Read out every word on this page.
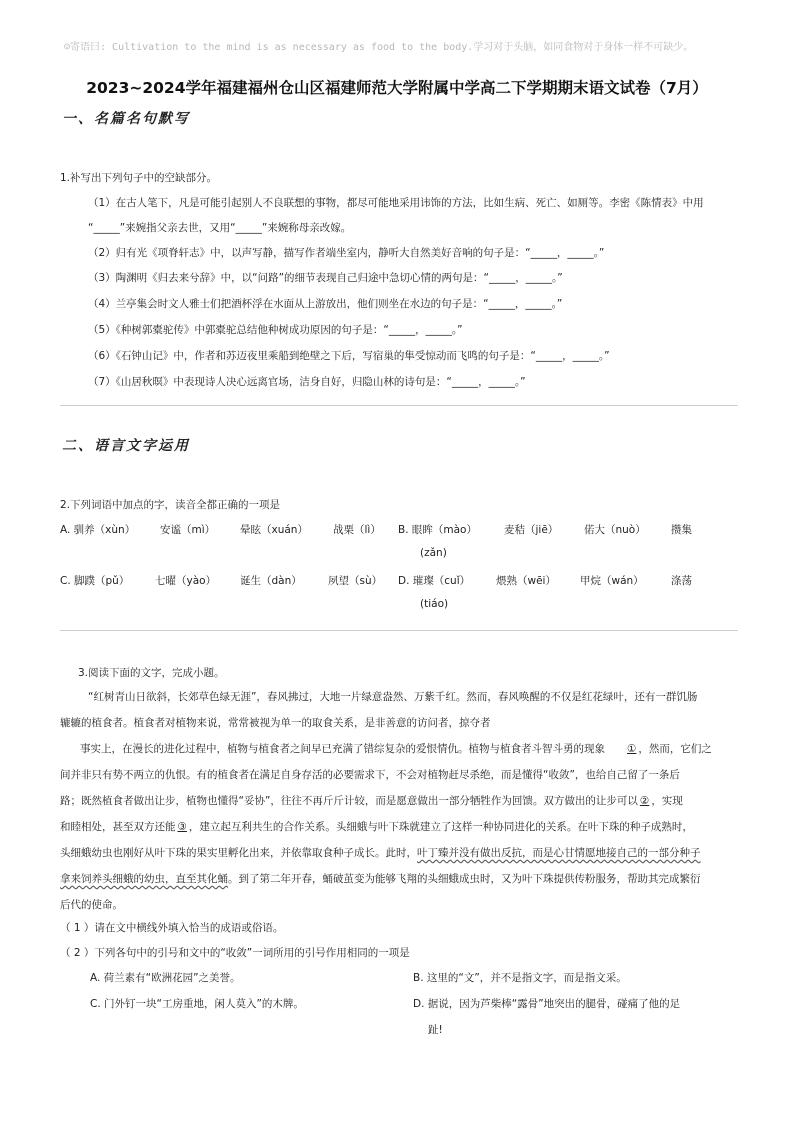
☺寄语曰: Cultivation to the mind is as necessary as food to the body.学习对于头脑，如同食物对于身体一样不可缺少。
2023~2024学年福建福州仓山区福建师范大学附属中学高二下学期期末语文试卷（7月）
一、名篇名句默写
1.补写出下列句子中的空缺部分。
（1）在古人笔下，凡是可能引起别人不良联想的事物，都尽可能地采用讳饰的方法，比如生病、死亡、如厕等。李密《陈情表》中用
“_____”来婉指父亲去世，又用“_____”来婉称母亲改嫁。
（2）归有光《项脊轩志》中，以声写静，描写作者端坐室内，静听大自然美好音响的句子是：“_____，_____。”
（3）陶渊明《归去来兮辞》中，以“问路”的细节表现自己归途中急切心情的两句是：“_____，_____。”
（4）兰亭集会时文人雅士们把酒杯浮在水面从上游放出，他们则坐在水边的句子是：“_____，_____。”
（5）《种树郭橐驼传》中郭橐驼总结他种树成功原因的句子是：“_____，_____。”
（6）《石钟山记》中，作者和苏迈夜里乘船到绝壁之下后，写宿巢的隼受惊动而飞鸣的句子是：“_____，_____。”
（7）《山居秋暝》中表现诗人决心远离官场，洁身自好，归隐山林的诗句是：“_____，_____。”
二、语言文字运用
2.下列词语中加点的字，读音全都正确的一项是
A. 驯养（xùn） 安谧（mì） 晕眩（xuán） 战栗（lì） B. 眼眸（mào）	麦秸（jiē） 偌大（nuò） 攒集
(zǎn)
C. 脚蹼（pǔ） 七曜（yào） 诞生（dàn） 夙望（sù） D. 璀璨（cuǐ） 煨熟（wēi） 甲烷（wán）	涤荡
(tiáo)
3.阅读下面的文字，完成小题。

“红树青山日欲斜，长郊草色绿无涯”，春风拂过，大地一片绿意盎然、万紫千红。然而，春风唤醒的不仅是红花绿叶，还有一群饥肠

辘辘的植食者。植食者对植物来说，常常被视为单一的取食关系，是非善意的访问者，掠夺者

事实上，在漫长的进化过程中，植物与植食者之间早已充满了错综复杂的爱恨情仇。植物与植食者斗智斗勇的现象 ① ，然而，它们之

间并非只有势不两立的仇恨。有的植食者在满足自身存活的必要需求下，不会对植物赶尽杀绝，而是懂得“收敛”，也给自己留了一条后

路；既然植食者做出让步，植物也懂得“妥协”，往往不再斤斤计较，而是愿意做出一部分牺牲作为回馈。双方做出的让步可以 ② ，实现

和睦相处，甚至双方还能 ③ ，建立起互利共生的合作关系。头细蛾与叶下珠就建立了这样一种协同进化的关系。在叶下珠的种子成熟时，

头细蛾幼虫也刚好从叶下珠的果实里孵化出来，并依靠取食种子成长。此时，叶丁臻并没有做出反抗，而是心甘情愿地接自己的一部分种子

拿来饲养头细蛾的幼虫，直至其化蛹。到了第二年开春，蛹破茧变为能够飞翔的头细蛾成虫时，又为叶下珠提供传粉服务，帮助其完成繁衍

后代的使命。

（ 1 ）请在文中横线外填入恰当的成语或俗语。
（ 2 ）下列各句中的引号和文中的“收敛”一词所用的引号作用相同的一项是
A. 荷兰素有“欧洲花园”之美誉。	B. 这里的“文”，并不是指文字，而是指文采。
C. 门外钉一块“工房重地，闲人莫入”的木牌。	D. 据说，因为芦柴棒“露骨”地突出的腿骨，碰痛了他的足
趾!
